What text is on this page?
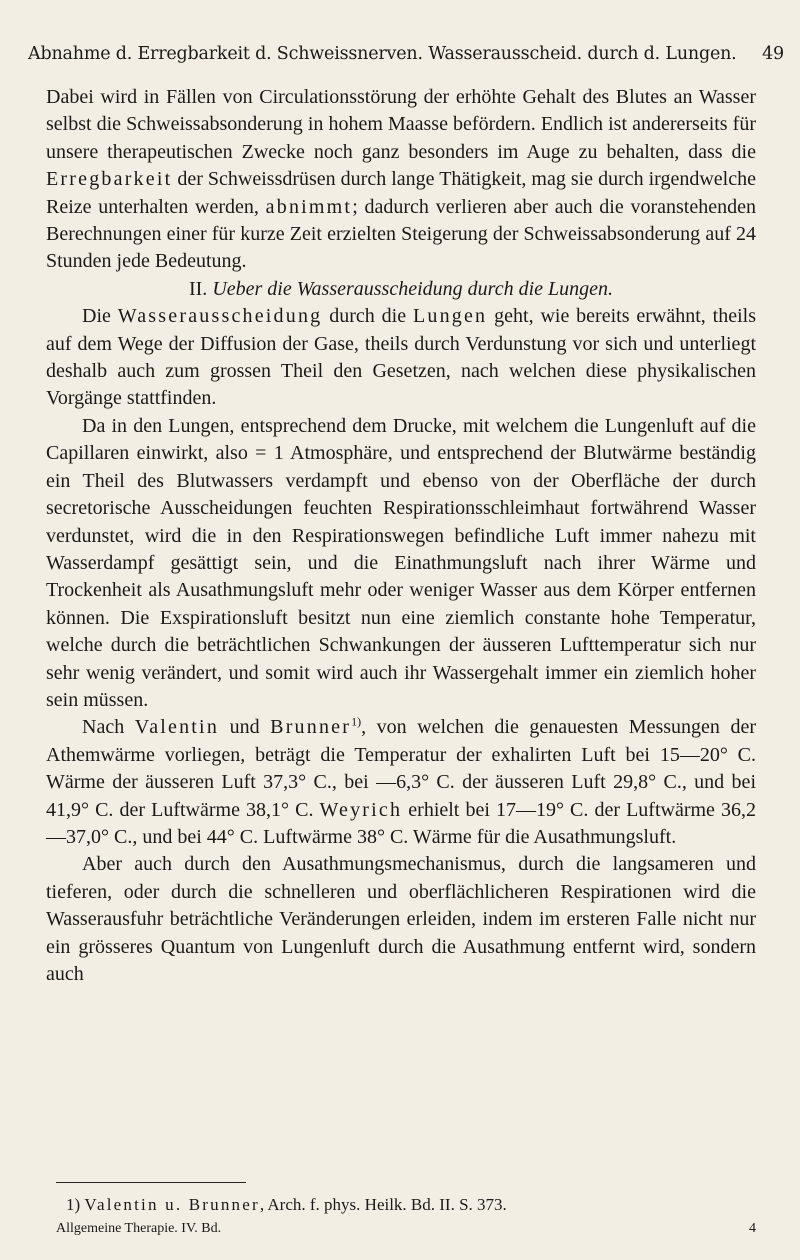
Abnahme d. Erregbarkeit d. Schweissnerven. Wasserausscheid. durch d. Lungen. 49

Dabei wird in Fällen von Circulationsstörung der erhöhte Gehalt des Blutes an Wasser selbst die Schweissabsonderung in hohem Maasse befördern. Endlich ist andererseits für unsere therapeutischen Zwecke noch ganz besonders im Auge zu behalten, dass die Erregbarkeit der Schweissdrüsen durch lange Thätigkeit, mag sie durch irgendwelche Reize unterhalten werden, abnimmt; dadurch verlieren aber auch die voranstehenden Berechnungen einer für kurze Zeit erzielten Steigerung der Schweissabsonderung auf 24 Stunden jede Bedeutung.

II. Ueber die Wasserausscheidung durch die Lungen.

Die Wasserausscheidung durch die Lungen geht, wie bereits erwähnt, theils auf dem Wege der Diffusion der Gase, theils durch Verdunstung vor sich und unterliegt deshalb auch zum grossen Theil den Gesetzen, nach welchen diese physikalischen Vorgänge stattfinden.

Da in den Lungen, entsprechend dem Drucke, mit welchem die Lungenluft auf die Capillaren einwirkt, also = 1 Atmosphäre, und entsprechend der Blutwärme beständig ein Theil des Blutwassers verdampft und ebenso von der Oberfläche der durch secretorische Ausscheidungen feuchten Respirationsschleimhaut fortwährend Wasser verdunstet, wird die in den Respirationswegen befindliche Luft immer nahezu mit Wasserdampf gesättigt sein, und die Einathmungsluft nach ihrer Wärme und Trockenheit als Ausathmungsluft mehr oder weniger Wasser aus dem Körper entfernen können. Die Exspirationsluft besitzt nun eine ziemlich constante hohe Temperatur, welche durch die beträchtlichen Schwankungen der äusseren Lufttemperatur sich nur sehr wenig verändert, und somit wird auch ihr Wassergehalt immer ein ziemlich hoher sein müssen.

Nach Valentin und Brunner$^{1)}$, von welchen die genauesten Messungen der Athemwärme vorliegen, beträgt die Temperatur der exhalirten Luft bei 15—20° C. Wärme der äusseren Luft 37,3° C., bei —6,3° C. der äusseren Luft 29,8° C., und bei 41,9° C. der Luftwärme 38,1° C. Weyrich erhielt bei 17—19° C. der Luftwärme 36,2—37,0° C., und bei 44° C. Luftwärme 38° C. Wärme für die Ausathmungsluft.

Aber auch durch den Ausathmungsmechanismus, durch die langsameren und tieferen, oder durch die schnelleren und oberflächlicheren Respirationen wird die Wasserausfuhr beträchtliche Veränderungen erleiden, indem im ersteren Falle nicht nur ein grösseres Quantum von Lungenluft durch die Ausathmung entfernt wird, sondern auch

1) Valentin u. Brunner, Arch. f. phys. Heilk. Bd. II. S. 373.
Allgemeine Therapie. IV. Bd.	4
